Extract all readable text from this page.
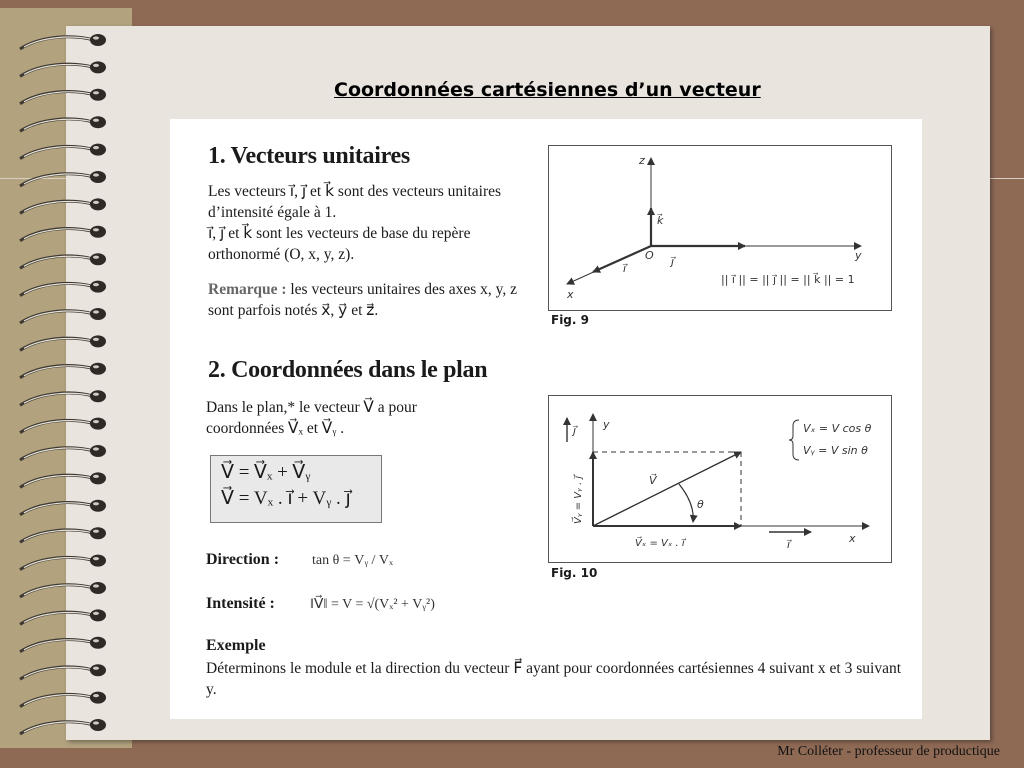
Coordonnées cartésiennes d’un vecteur
1. Vecteurs unitaires
Les vecteurs i⃗, j⃗ et k⃗ sont des vecteurs unitaires d’intensité égale à 1.
i⃗, j⃗ et k⃗ sont les vecteurs de base du repère orthonormé (O, x, y, z).
Remarque : les vecteurs unitaires des axes x, y, z sont parfois notés x⃗, y⃗ et z⃗.
z
k⃗
O j⃗
i⃗
y
x
|| i⃗ || = || j⃗ || = || k⃗ || = 1
Fig. 9
2. Coordonnées dans le plan
Dans le plan,* le vecteur V⃗ a pour coordonnées V⃗ₓ et V⃗ᵧ .
V⃗ = V⃗ₓ + V⃗ᵧ
V⃗ = Vₓ . i⃗ + Vᵧ . j⃗
Direction : tan θ = Vᵧ / Vₓ
Intensité :	‖V⃗‖ = V = √(Vₓ² + Vᵧ²)
Exemple
Déterminons le module et la direction du vecteur F⃗ ayant pour coordonnées cartésiennes 4 suivant x et 3 suivant y.
j⃗ y
x
i⃗
V⃗
θ
V⃗ₓ = Vₓ . i⃗
V⃗ᵧ = Vᵧ . j⃗
Vₓ = V cos θ
Vᵧ = V sin θ
Fig. 10
Mr Colléter - professeur de productique
